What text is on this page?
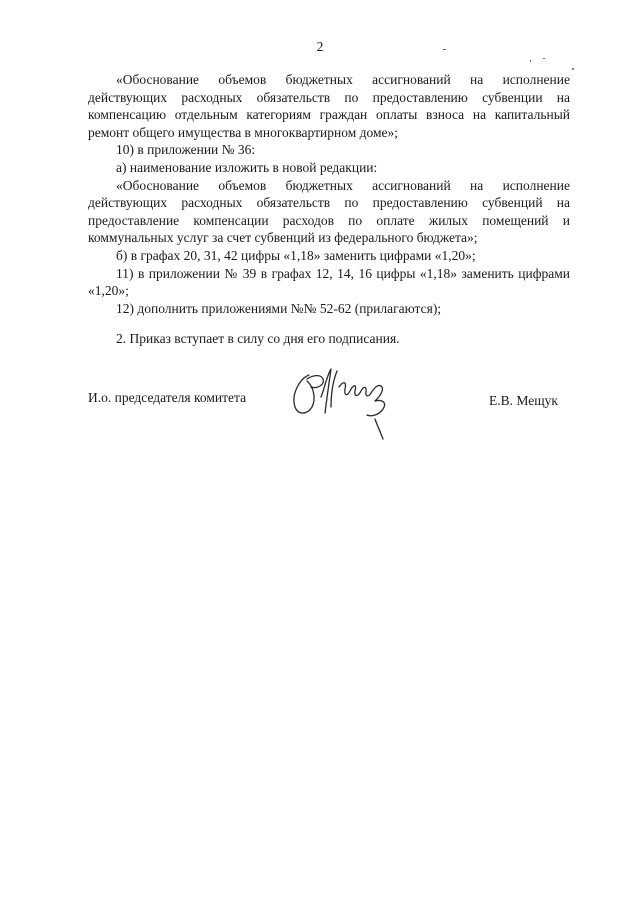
2

«Обоснование объемов бюджетных ассигнований на исполнение действующих расходных обязательств по предоставлению субвенции на компенсацию отдельным категориям граждан оплаты взноса на капитальный ремонт общего имущества в многоквартирном доме»;

10) в приложении № 36:

а) наименование изложить в новой редакции:

«Обоснование объемов бюджетных ассигнований на исполнение действующих расходных обязательств по предоставлению субвенций на предоставление компенсации расходов по оплате жилых помещений и коммунальных услуг за счет субвенций из федерального бюджета»;

б) в графах 20, 31, 42 цифры «1,18» заменить цифрами «1,20»;

11) в приложении № 39 в графах 12, 14, 16 цифры «1,18» заменить цифрами «1,20»;

12) дополнить приложениями №№ 52-62 (прилагаются);

2. Приказ вступает в силу со дня его подписания.
И.о. председателя комитета	Е.В. Мещук
